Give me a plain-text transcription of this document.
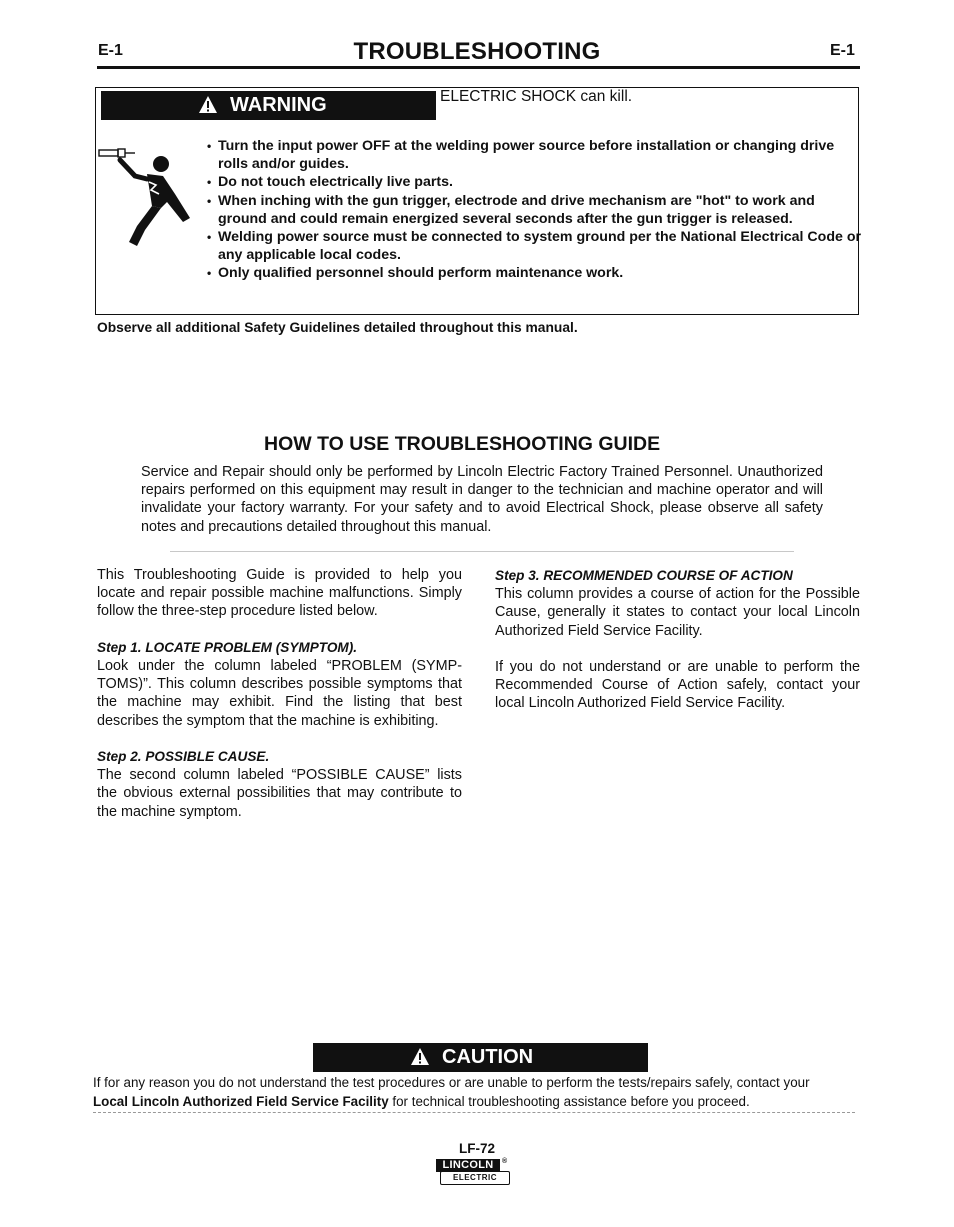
E-1	TROUBLESHOOTING	E-1
WARNING	ELECTRIC SHOCK can kill.
• Turn the input power OFF at the welding power source before installation or changing drive rolls and/or guides.
• Do not touch electrically live parts.
• When inching with the gun trigger, electrode and drive mechanism are "hot" to work and ground and could remain energized several seconds after the gun trigger is released.
• Welding power source must be connected to system ground per the National Electrical Code or any applicable local codes.
• Only qualified personnel should perform maintenance work.
Observe all additional Safety Guidelines detailed throughout this manual.
HOW TO USE TROUBLESHOOTING GUIDE
Service and Repair should only be performed by Lincoln Electric Factory Trained Personnel. Unauthorized repairs performed on this equipment may result in danger to the technician and machine operator and will invalidate your factory warranty. For your safety and to avoid Electrical Shock, please observe all safety notes and precautions detailed throughout this manual.

This Troubleshooting Guide is provided to help you locate and repair possible machine malfunctions. Simply follow the three-step procedure listed below.

Step 1. LOCATE PROBLEM (SYMPTOM).

Look under the column labeled “PROBLEM (SYMPTOMS)”. This column describes possible symptoms that the machine may exhibit. Find the listing that best describes the symptom that the machine is exhibiting.

Step 2. POSSIBLE CAUSE.

The second column labeled “POSSIBLE CAUSE” lists the obvious external possibilities that may contribute to the machine symptom.

Step 3. RECOMMENDED COURSE OF ACTION

This column provides a course of action for the Possible Cause, generally it states to contact your local Lincoln Authorized Field Service Facility.

If you do not understand or are unable to perform the Recommended Course of Action safely, contact your local Lincoln Authorized Field Service Facility.

CAUTION
If for any reason you do not understand the test procedures or are unable to perform the tests/repairs safely, contact your
Local Lincoln Authorized Field Service Facility for technical troubleshooting assistance before you proceed.
LF-72
LINCOLN	®
ELECTRIC
